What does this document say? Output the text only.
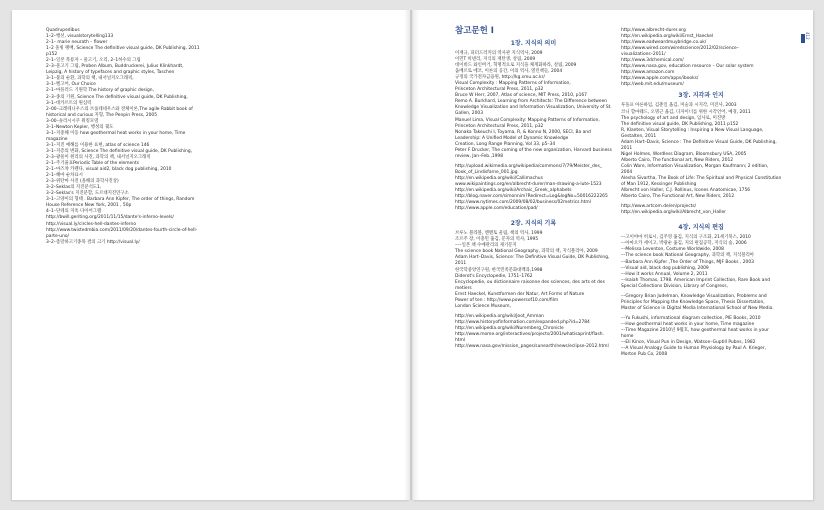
Quadrupedibus
1–2–행선, visualstorytelling133
2–1– marie neurath – flower
1–2 올빙 팽배, Science The definitive visual guide, DK Publishing, 2011
p152
2–1–일본 복룡자 – 물고기, 오리, 2–1허수의 그림
2–3–물고기 그림, Proben Album, Buddruckerei, Julius Klinkhardt,
Leipzig, A history of typefaces and graphic styles, Taschen
3–1–불의 순환, 과학의 책, 내서널지오그래픽,
3–1–벨고어, Our Choice
2–1–마플러드 기원학 The history of graphic design,
2–3–종의 기원, Science The definitive visual guide, DK Publishing,
3–1–데카르트의 원심력
2–00–크레테니우스의 브롤테네우스와 전체이론,The agile Rabbit book of
historical and curious 지형, The Penpin Press, 2005
3–00–솔리시시쿠 워킹모델
3–1–Newton Kepler, 행성의 궤도
3–1–지중해 이동 how geothermal heat works in your home, Time
magazine
3–1–지진 예해를 이용한 표현, atlas of science 146
3–1–지층의 변화, Science The definitive visual guide, DK Publishing,
2–3–광물이 원리의 사진, 과학의 책, 내서널지오그래픽
2–1–주기율표Periodic Table of the elements
2–1–마즈챠 카렌다, visual aid2, black dog publishing, 2010
2–1–해마 순차표시
2–3–위탄마 사진 (올해의 과학사진상)
3–2–Seklas의 지진분석도1,
3–2–Seklas's 지진분할, 도르대지진연구소
3–1–고양이의 형태 . Barbara Ann Kipfer, The order of things, Random
House Reference New York, 2001 , 50p
4–1–단테의 지옥 다이어그램
http://bwill.geriting.org/2011/11/15/dante's-inferno-levels/
http://visual.ly/circles-hell-dantes-inferno
http://www.twistedmbia.com/2011/09/20/dantes-fourth-circle-of-hell-
parte-uno/
3–2–좀말하고기종목 결의 크기 http://visual.ly/
참고문헌 Ⅰ
1장. 지식의 의미
이재규, 피터드러커의 역사관 지식역사, 2009
이민T 히넨리, 지식의 재탄생, 살림, 2009
데이비드 와인버거, 혁명적으로 지식을 체계화하라, 살림, 2009
움베르토 에코, 이론의 공간, 이의 역사, 열린책들, 2004
규정의 국가전자금융원, http://kg.smu.ac.kr/
Visual Complexity : Mapping Patterns of Information,
Princeton Architectural Press, 2011, p32
Bruce W Herr, 2007, Atlas of science, MIT Press, 2010, p167
Remo A. Burkhard, Learning from Architects: The Difference between
Knowledge Visualization and Information Visualization, University of St.
Gallen, 2003
Manuel Lima, Visual Complexity: Mapping Patterns of Information,
Princeton Architectural Press, 2011, p32
Nonaka Takeuchi I, Toyama, R, & Konno N, 2000, SECI, Ba and
Leadership: A Unified Model of Dynamic Knowledge
Creation, Long Range Planning, Vol 33, p5–34
Peter F Drucker, The coming of the new organization, Harvard business
review, Jan–Feb.,1998
http://upload.wikimedia.org/wikipedia/commons/7/79/Meister_des_
Book_of_Lindisfarne_001.jpg
http://en.wikipedia.org/wiki/Callimachus
www.wikipaintings.org/en/albrecht-durer/man-drawing-a-lute-1523
http://en.wikipedia.org/wiki/Archaic_Greek_alphabets
http://blog.naver.com/simonnim?Redirect=Log&logNo=50016222265
http://www.nytimes.com/2009/08/02/business/02metrics.html
http://www.apple.com/education/pad/
2장. 지식의 기록
브루노 블라볼, 멘멘토 울림, 책의 역사, 1999
조르주 장, 이충민 옮김, 문자의 역사, 1995
–––일본 책 수예관리의 제기문지
The science book National Geography, 과학의 책, 지식블리아, 2009
Adam Hart–Davis, Science: The Definitive Visual Guide, DK Publishing,
2011
한국학중앙연구원, 한국민족문화대백과,1998
Diderot's Encyclopedie, 1751–1762
Encyclopedie, ou dictionnaire raisonne des sciences, des arts et des
metiers
Ernst Haeckel, Kunstformen der Natur, Art Forms of Nature
Power of ten : http://www.powersof10.com/film
London Science Museum,
http://en.wikipedia.org/wiki/Joot_Amman
http://www.historyofinformation.com/expanded.php?id=2784
http://en.wikipedia.org/wiki/Nuremberg_Chronicle
http://www.mome.org/interactives/projects/2001/whatisaprint/flash.
html
http://www.nasa.gov/mission_pages/sunearth/news/eclipse-2012.html
http://www.albrecht-durer.org
http://en.wikipedia.org/wiki/Ernst_Haeckel
http://www.eadweardmuybridge.co.uk/
http://www.wired.com/wiredscience/2012/02/science–
visualizations–2011/
http://www.3dchemical.com/
http://www.nasa.gov, education resource – Our solar system
http://www.amazon.com
http://www.apple.com/apps/ibooks/
http://web.mit.edu/museum/
3장. 지각과 인지
루돌프 아른하임, 김춘일 옮김, 미술과 시지각, 미진사, 2003
코니 할마웨드, 오명근 옮김, 디자이너를 위한 시각언어, 예경, 2011
The psychology of art and design, 임사로, 미진방
The definitive visual guide, DK Publishing, 2011 p152
R, Klanten, Visual Storytelling : Inspiring a New Visual Language,
Gestalten, 2011
Adam Hart–Davis, Science : The Definitive Visual Guide, DK Publishing,
2011
Nigel Holmes, Wordless Diagram, Bloomsbury USA, 2005
Alberto Cairo, The functional art, New Riders, 2012
Colin Ware, Information Visualization, Morgan Kaufmann; 2 edition,
2004
Alesha Sivartha, The Book of Life: The Spiritual and Physical Constitution
of Man 1912, Kessinger Publishing
Albrecht von Haller, C.J. Rollinus, Icones Anatomicae, 1756
Alberto Cairo, The Functional Art, New Riders, 2012
http://www.artcom.de/en/projects/
http://en.wikipedia.org/wiki/Albrecht_von_Haller
4장. 지식의 편집
––고이야마 히로시, 김주영 옮김, 지식의 구조화, 21세기북스, 2010
––아마오카 세이고, 박광순 옮김, 지의 편집공학, 지식의 숲, 2006
––Melissa Leventon, Costume Worldwide, 2008
––The science book National Geography, 과학의 책, 지식블리아
––Barbara Ann Kipfer ,The Order of Things, MJF Books , 2003
––Visual aid, black dog publishing, 2009
––How it works Annual, Volume 2, 2011
––Isaiah Thomas, 1798. American Imprint Collection, Rare Book and
Special Collections Division, Library of Congress,
––Gregory Brian Judelman, Knowledge Visualization, Problems and
Principles for Mapping the Knowledge Space, Thesis Dissertation,
Master of Science in Digital Media International School of New Media.
––Yu Fukushi, informational diagram collection, PIE Books, 2010
––How geothermal heat works in your home, Time magazine
––Time Magazine 2010년 9월호, how geothermal heat works in your
home
––Eli Kince, Visual Pun in Design, Watson–Guptill Pubns, 1982
––A Visual Analogy Guide to Human Physiology by Paul A. Krieger,
Morton Pub Co, 2008
412
